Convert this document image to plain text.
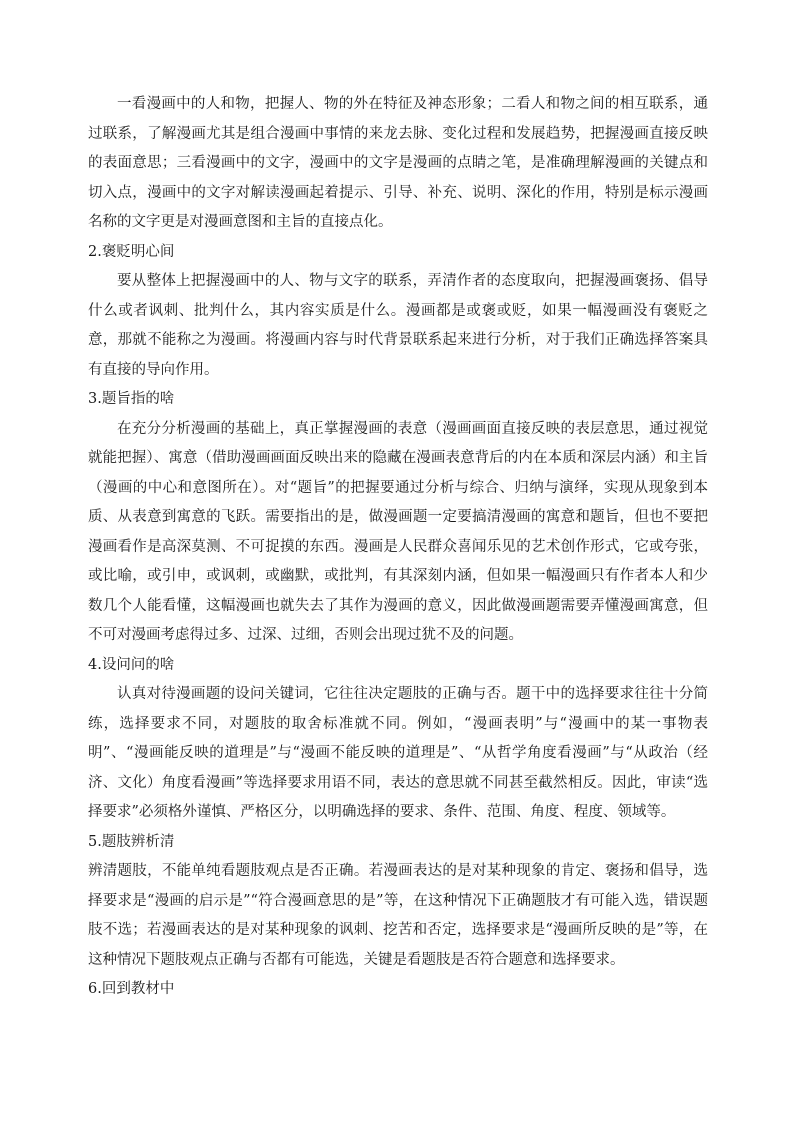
一看漫画中的人和物，把握人、物的外在特征及神态形象；二看人和物之间的相互联系，通过联系，了解漫画尤其是组合漫画中事情的来龙去脉、变化过程和发展趋势，把握漫画直接反映的表面意思；三看漫画中的文字，漫画中的文字是漫画的点睛之笔，是准确理解漫画的关键点和切入点，漫画中的文字对解读漫画起着提示、引导、补充、说明、深化的作用，特别是标示漫画名称的文字更是对漫画意图和主旨的直接点化。

2.褒贬明心间

要从整体上把握漫画中的人、物与文字的联系，弄清作者的态度取向，把握漫画褒扬、倡导什么或者讽刺、批判什么，其内容实质是什么。漫画都是或褒或贬，如果一幅漫画没有褒贬之意，那就不能称之为漫画。将漫画内容与时代背景联系起来进行分析，对于我们正确选择答案具有直接的导向作用。

3.题旨指的啥

在充分分析漫画的基础上，真正掌握漫画的表意（漫画画面直接反映的表层意思，通过视觉就能把握）、寓意（借助漫画画面反映出来的隐藏在漫画表意背后的内在本质和深层内涵）和主旨（漫画的中心和意图所在）。对“题旨”的把握要通过分析与综合、归纳与演绎，实现从现象到本质、从表意到寓意的飞跃。需要指出的是，做漫画题一定要搞清漫画的寓意和题旨，但也不要把漫画看作是高深莫测、不可捉摸的东西。漫画是人民群众喜闻乐见的艺术创作形式，它或夸张，或比喻，或引申，或讽刺，或幽默，或批判，有其深刻内涵，但如果一幅漫画只有作者本人和少数几个人能看懂，这幅漫画也就失去了其作为漫画的意义，因此做漫画题需要弄懂漫画寓意，但不可对漫画考虑得过多、过深、过细，否则会出现过犹不及的问题。

4.设问问的啥

认真对待漫画题的设问关键词，它往往决定题肢的正确与否。题干中的选择要求往往十分简练，选择要求不同，对题肢的取舍标准就不同。例如，“漫画表明”与“漫画中的某一事物表明”、“漫画能反映的道理是”与“漫画不能反映的道理是”、“从哲学角度看漫画”与“从政治（经济、文化）角度看漫画”等选择要求用语不同，表达的意思就不同甚至截然相反。因此，审读“选择要求”必须格外谨慎、严格区分，以明确选择的要求、条件、范围、角度、程度、领域等。

5.题肢辨析清

辨清题肢，不能单纯看题肢观点是否正确。若漫画表达的是对某种现象的肯定、褒扬和倡导，选择要求是“漫画的启示是”“符合漫画意思的是”等，在这种情况下正确题肢才有可能入选，错误题肢不选；若漫画表达的是对某种现象的讽刺、挖苦和否定，选择要求是“漫画所反映的是”等，在这种情况下题肢观点正确与否都有可能选，关键是看题肢是否符合题意和选择要求。

6.回到教材中
